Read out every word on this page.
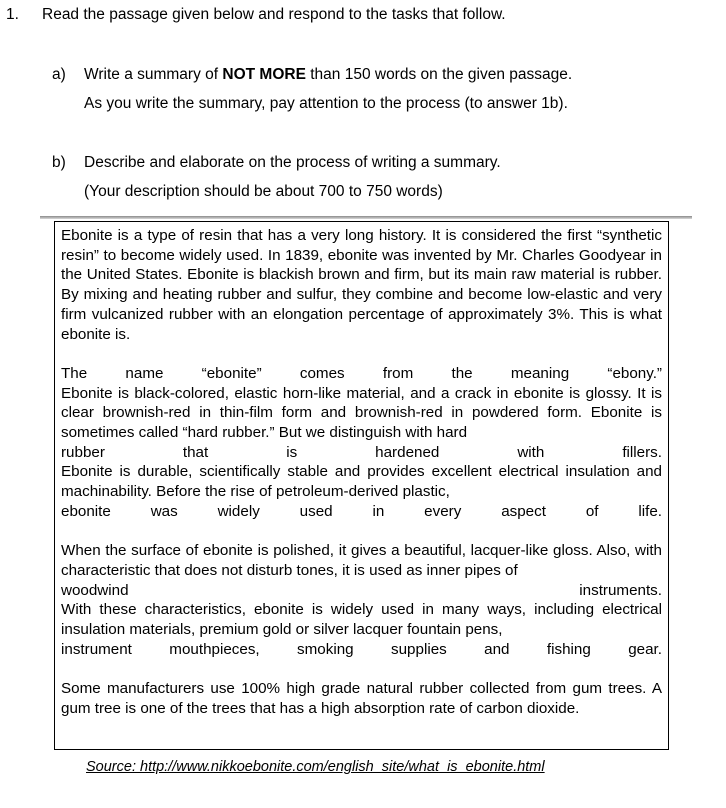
1. Read the passage given below and respond to the tasks that follow.
a) Write a summary of NOT MORE than 150 words on the given passage.
As you write the summary, pay attention to the process (to answer 1b).
b) Describe and elaborate on the process of writing a summary.
(Your description should be about 700 to 750 words)

Ebonite is a type of resin that has a very long history. It is considered the first “synthetic resin” to become widely used. In 1839, ebonite was invented by Mr. Charles Goodyear in the United States. Ebonite is blackish brown and firm, but its main raw material is rubber. By mixing and heating rubber and sulfur, they combine and become low-elastic and very firm vulcanized rubber with an elongation percentage of approximately 3%. This is what ebonite is.

The name “ebonite” comes from the meaning “ebony.”
Ebonite is black-colored, elastic horn-like material, and a crack in ebonite is glossy. It is clear brownish-red in thin-film form and brownish-red in powdered form. Ebonite is sometimes called “hard rubber.” But we distinguish with hard
rubber that is hardened with fillers.
Ebonite is durable, scientifically stable and provides excellent electrical insulation and machinability. Before the rise of petroleum-derived plastic,
ebonite was widely used in every aspect of life.

When the surface of ebonite is polished, it gives a beautiful, lacquer-like gloss. Also, with characteristic that does not disturb tones, it is used as inner pipes of
woodwind instruments.
With these characteristics, ebonite is widely used in many ways, including electrical insulation materials, premium gold or silver lacquer fountain pens,
instrument mouthpieces, smoking supplies and fishing gear.

Some manufacturers use 100% high grade natural rubber collected from gum trees. A gum tree is one of the trees that has a high absorption rate of carbon dioxide.

Source: http://www.nikkoebonite.com/english_site/what_is_ebonite.html
